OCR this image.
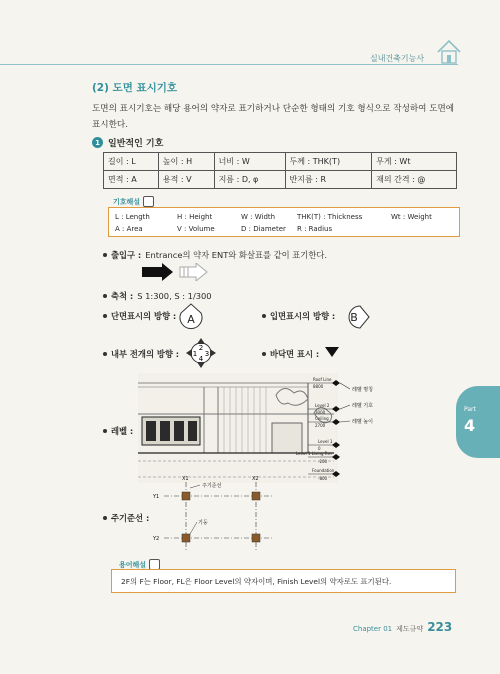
실내건축기능사
(2) 도면 표시기호
도면의 표시기호는 해당 용어의 약자로 표기하거나 단순한 형태의 기호 형식으로 작성하여 도면에 표시한다.
1 일반적인 기호
길이 : L	높이 : H	너비 : W	두께 : THK(T)	무게 : Wt
면적 : A	용적 : V	지름 : D, φ	반지름 : R	재의 간격 : @
기호해설
L : Length	H : Height	W : Width	THK(T) : Thickness	Wt : Weight
A : Area	V : Volume	D : Diameter	R : Radius
출입구 : Entrance의 약자 ENT와 화살표를 같이 표기한다.
축척 : S 1:300, S : 1/300
단면표시의 방향 : A	입면표시의 방향 : B
내부 전개의 방향 :
2
1 3
4	바닥면 표시 :
레벨 :
Roof Line
8800
Level 2
3000
Ceiling
2700
Level 1
0
Level 1 Living Rm
-200
Foundation
-800
레벨 명칭
레벨 기호
레벨 높이
주기준선 :
X1	X2
Y1
Y2
주기준선
기둥
용어해설
2F의 F는 Floor, FL은 Floor Level의 약자이며, Finish Level의 약자로도 표기된다.
Part
4
Chapter 01 제도규약 223
